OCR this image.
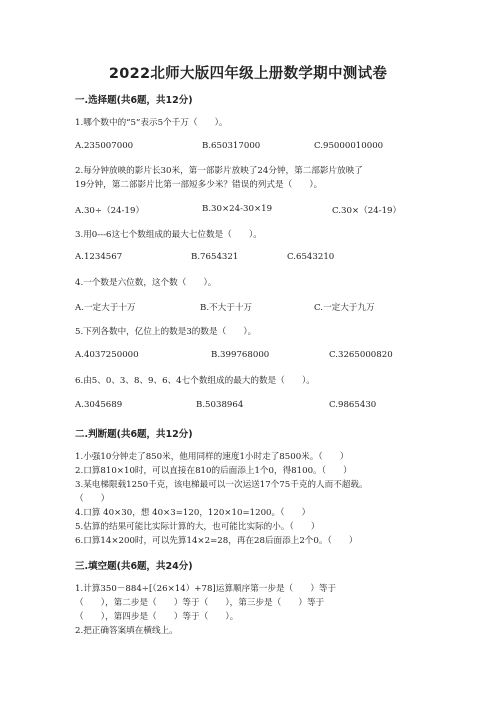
2022北师大版四年级上册数学期中测试卷
一.选择题(共6题，共12分)
1.哪个数中的“5”表示5个千万（　　）。
A.235007000	B.650317000	C.95000010000
2.每分钟放映的影片长30米，第一部影片放映了24分钟，第二部影片放映了
19分钟，第二部影片比第一部短多少米？错误的列式是（　　）。
A.30÷（24-19）	B.30×24-30×19	C.30×（24-19）
3.用0---6这七个数组成的最大七位数是（　　）。
A.1234567	B.7654321	C.6543210
4.一个数是六位数，这个数（　　）。
A.一定大于十万	B.不大于十万	C.一定大于九万
5.下列各数中，亿位上的数是3的数是（　　）。
A.4037250000	B.399768000	C.3265000820
6.由5、0、3、8、9、6、4七个数组成的最大的数是（　　）。
A.3045689	B.5038964	C.9865430
二.判断题(共6题，共12分)
1.小强10分钟走了850米，他用同样的速度1小时走了8500米。（　　）
2.口算810×10时，可以直接在810的后面添上1个0，得8100。（　　）
3.某电梯限载1250千克，该电梯最可以一次运送17个75千克的人而不超载。
（　　）
4.口算 40×30，想 40×3=120，120×10=1200。（　　）
5.估算的结果可能比实际计算的大，也可能比实际的小。（　　）
6.口算14×200时，可以先算14×2=28，再在28后面添上2个0。（　　）
三.填空题(共6题，共24分)
1.计算350－884÷[（26×14）+78]运算顺序第一步是（　　）等于
（　　），第二步是（　　）等于（　　），第三步是（　　）等于
（　　），第四步是（　　）等于（　　）。
2.把正确答案填在横线上。
